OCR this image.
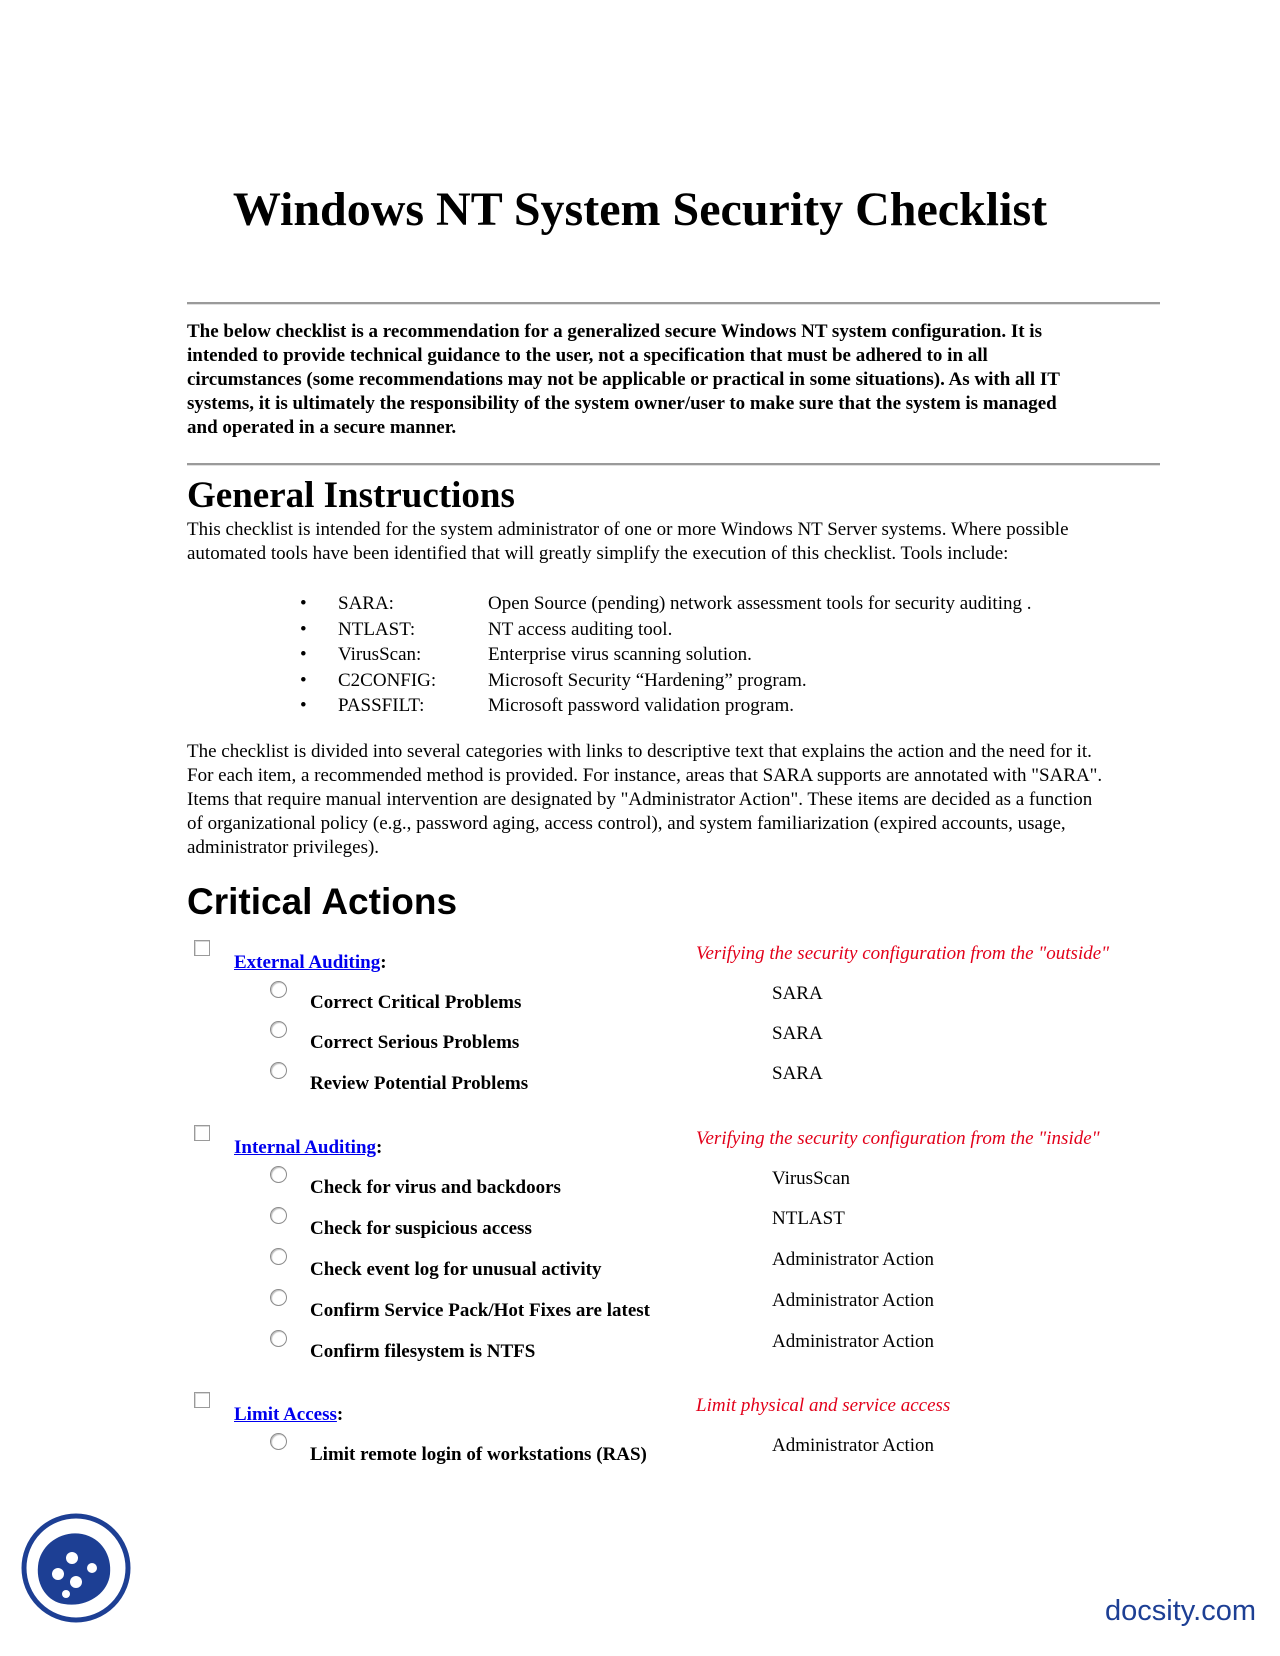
Windows NT System Security Checklist
The below checklist is a recommendation for a generalized secure Windows NT system configuration. It is intended to provide technical guidance to the user, not a specification that must be adhered to in all circumstances (some recommendations may not be applicable or practical in some situations). As with all IT systems, it is ultimately the responsibility of the system owner/user to make sure that the system is managed and operated in a secure manner.
General Instructions
This checklist is intended for the system administrator of one or more Windows NT Server systems. Where possible automated tools have been identified that will greatly simplify the execution of this checklist. Tools include:
• SARA:	Open Source (pending) network assessment tools for security auditing .
• NTLAST:	NT access auditing tool.
• VirusScan:	Enterprise virus scanning solution.
• C2CONFIG:	Microsoft Security “Hardening” program.
• PASSFILT:	Microsoft password validation program.
The checklist is divided into several categories with links to descriptive text that explains the action and the need for it. For each item, a recommended method is provided. For instance, areas that SARA supports are annotated with "SARA". Items that require manual intervention are designated by "Administrator Action". These items are decided as a function of organizational policy (e.g., password aging, access control), and system familiarization (expired accounts, usage, administrator privileges).
Critical Actions
External Auditing:	Verifying the security configuration from the "outside"
Correct Critical Problems	SARA
Correct Serious Problems	SARA
Review Potential Problems	SARA
Internal Auditing:	Verifying the security configuration from the "inside"
Check for virus and backdoors	VirusScan
Check for suspicious access	NTLAST
Check event log for unusual activity	Administrator Action
Confirm Service Pack/Hot Fixes are latest	Administrator Action
Confirm filesystem is NTFS	Administrator Action
Limit Access:	Limit physical and service access
Limit remote login of workstations (RAS)	Administrator Action
docsity.com
